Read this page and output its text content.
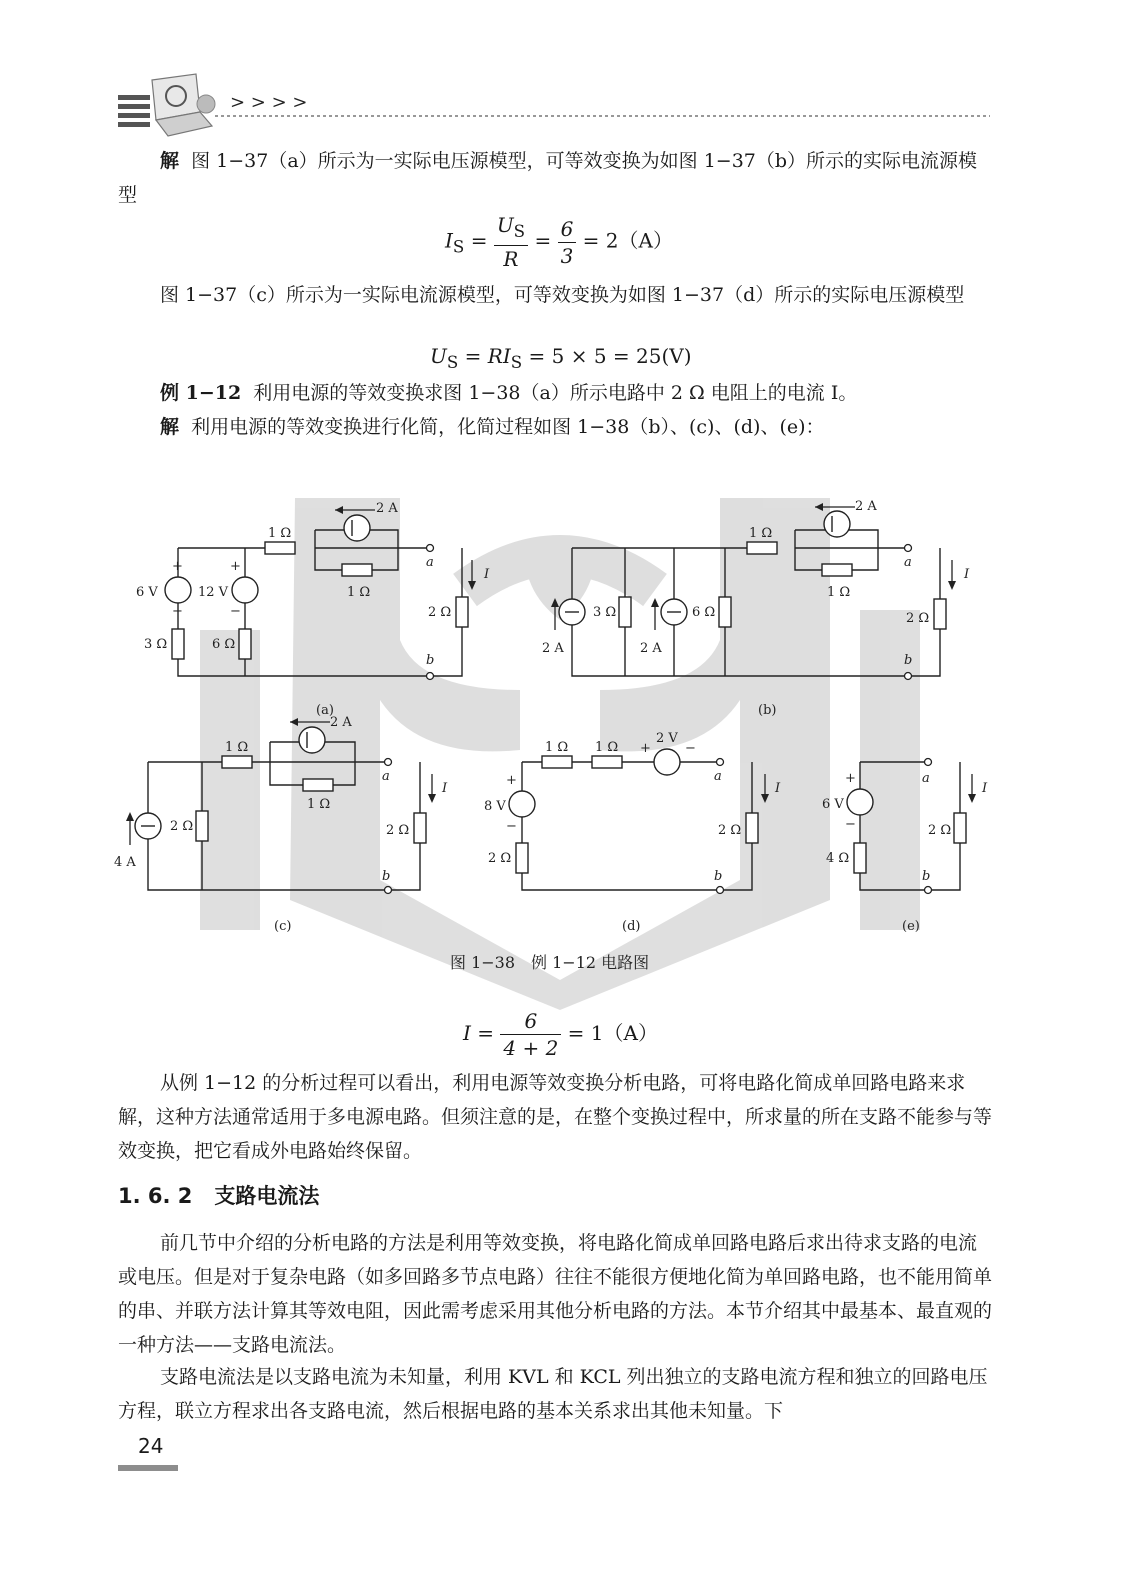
> > > >
2 A
1 Ω
1 Ω
6 V	12 V
+
−
+
−
3 Ω	6 Ω
2 Ω
a
b
I
(a)
2 A
1 Ω
1 Ω
3 Ω	6 Ω
2 A	2 A
2 Ω
a
b
I
(b)
2 A
1 Ω
1 Ω
2 Ω
4 A
2 Ω
a
b
I
(c)
1 Ω 1 Ω
2 V
+	−
8 V
+
−
2 Ω
2 Ω
a
b
I
(d)
6 V
+
−
4 Ω
2 Ω
a
b
I
(e)
图 1−38　例 1−12 电路图

解 图 1−37（a）所示为一实际电压源模型，可等效变换为如图 1−37（b）所示的实际电流源模型

$I_S = \frac{U_S}{R} = \frac{6}{3} = 2(A)$

图 1−37（c）所示为一实际电流源模型，可等效变换为如图 1−37（d）所示的实际电压源模型

$U_S = RI_S = 5 \times 5 = 25(V)$

例 1−12 利用电源的等效变换求图 1−38（a）所示电路中 2 Ω 电阻上的电流 I。

解 利用电源的等效变换进行化简，化简过程如图 1−38（b）、(c)、(d)、(e)：

$I = \frac{6}{4 + 2} = 1(A)$

从例 1−12 的分析过程可以看出，利用电源等效变换分析电路，可将电路化简成单回路电路来求解，这种方法通常适用于多电源电路。但须注意的是，在整个变换过程中，所求量的所在支路不能参与等效变换，把它看成外电路始终保留。

1. 6. 2 支路电流法

前几节中介绍的分析电路的方法是利用等效变换，将电路化简成单回路电路后求出待求支路的电流或电压。但是对于复杂电路（如多回路多节点电路）往往不能很方便地化简为单回路电路，也不能用简单的串、并联方法计算其等效电阻，因此需考虑采用其他分析电路的方法。本节介绍其中最基本、最直观的一种方法——支路电流法。

支路电流法是以支路电流为未知量，利用 KVL 和 KCL 列出独立的支路电流方程和独立的回路电压方程，联立方程求出各支路电流，然后根据电路的基本关系求出其他未知量。下

24
